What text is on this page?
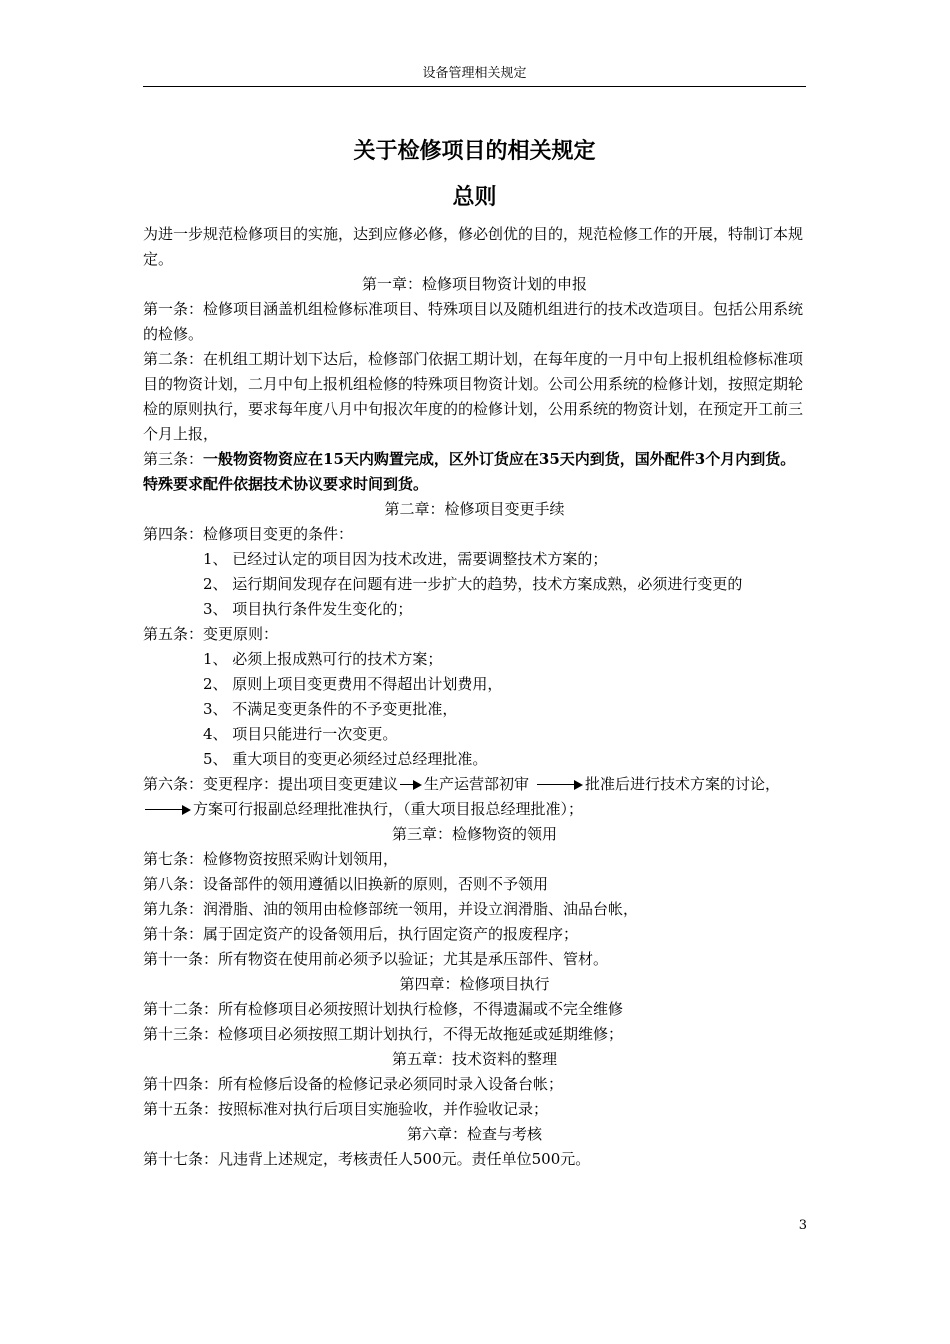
设备管理相关规定
关于检修项目的相关规定
总则

为进一步规范检修项目的实施，达到应修必修，修必创优的目的，规范检修工作的开展，特制订本规定。

第一章：检修项目物资计划的申报

第一条：检修项目涵盖机组检修标准项目、特殊项目以及随机组进行的技术改造项目。包括公用系统的检修。

第二条：在机组工期计划下达后，检修部门依据工期计划，在每年度的一月中旬上报机组检修标准项目的物资计划，二月中旬上报机组检修的特殊项目物资计划。公司公用系统的检修计划，按照定期轮检的原则执行，要求每年度八月中旬报次年度的的检修计划，公用系统的物资计划，在预定开工前三个月上报，

第三条：一般物资物资应在15天内购置完成，区外订货应在35天内到货，国外配件3个月内到货。特殊要求配件依据技术协议要求时间到货。

第二章：检修项目变更手续

第四条：检修项目变更的条件：

1、 已经过认定的项目因为技术改进，需要调整技术方案的；

2、 运行期间发现存在问题有进一步扩大的趋势，技术方案成熟，必须进行变更的

3、 项目执行条件发生变化的；

第五条：变更原则：

1、 必须上报成熟可行的技术方案；

2、 原则上项目变更费用不得超出计划费用，

3、 不满足变更条件的不予变更批准，

4、 项目只能进行一次变更。

5、 重大项目的变更必须经过总经理批准。

第六条：变更程序：提出项目变更建议 生产运营部初审	批准后进行技术方案的讨论，
方案可行报副总经理批准执行，（重大项目报总经理批准）；

第三章：检修物资的领用

第七条：检修物资按照采购计划领用，

第八条：设备部件的领用遵循以旧换新的原则，否则不予领用

第九条：润滑脂、油的领用由检修部统一领用，并设立润滑脂、油品台帐，

第十条：属于固定资产的设备领用后，执行固定资产的报废程序；

第十一条：所有物资在使用前必须予以验证；尤其是承压部件、管材。

第四章：检修项目执行

第十二条：所有检修项目必须按照计划执行检修，不得遗漏或不完全维修

第十三条：检修项目必须按照工期计划执行，不得无故拖延或延期维修；

第五章：技术资料的整理

第十四条：所有检修后设备的检修记录必须同时录入设备台帐；

第十五条：按照标准对执行后项目实施验收，并作验收记录；

第六章：检查与考核

第十七条：凡违背上述规定，考核责任人500元。责任单位500元。

3
